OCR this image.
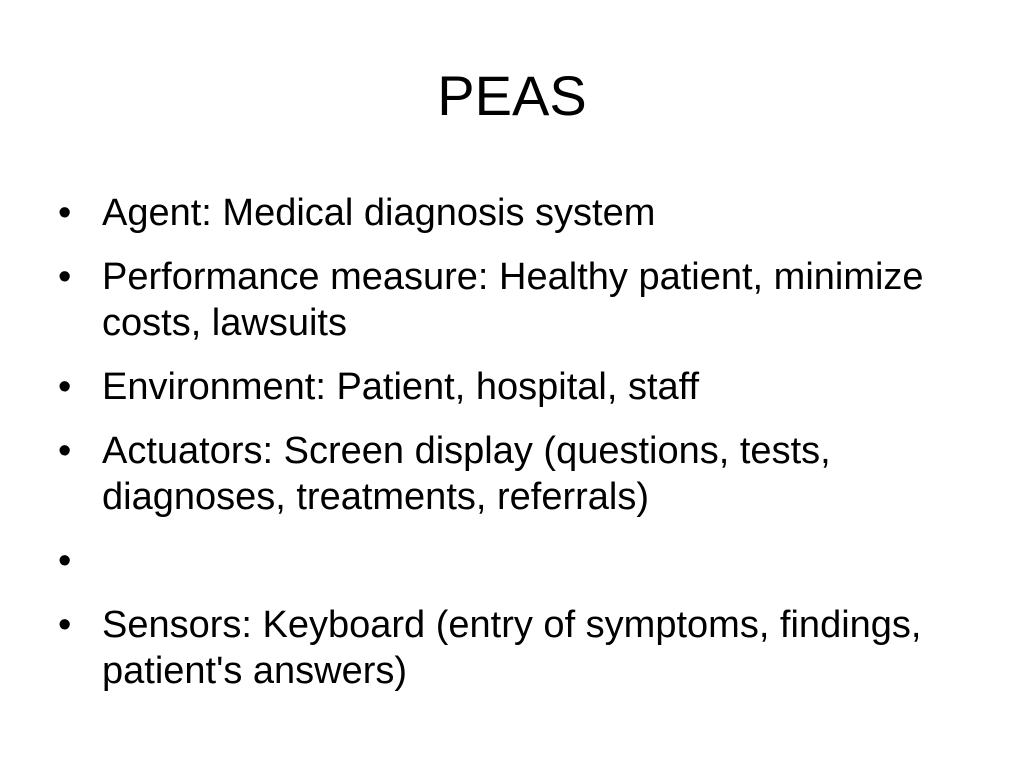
PEAS
• Agent: Medical diagnosis system
• Performance measure: Healthy patient, minimize costs, lawsuits
• Environment: Patient, hospital, staff
• Actuators: Screen display (questions, tests, diagnoses, treatments, referrals)
•
• Sensors: Keyboard (entry of symptoms, findings, patient's answers)
